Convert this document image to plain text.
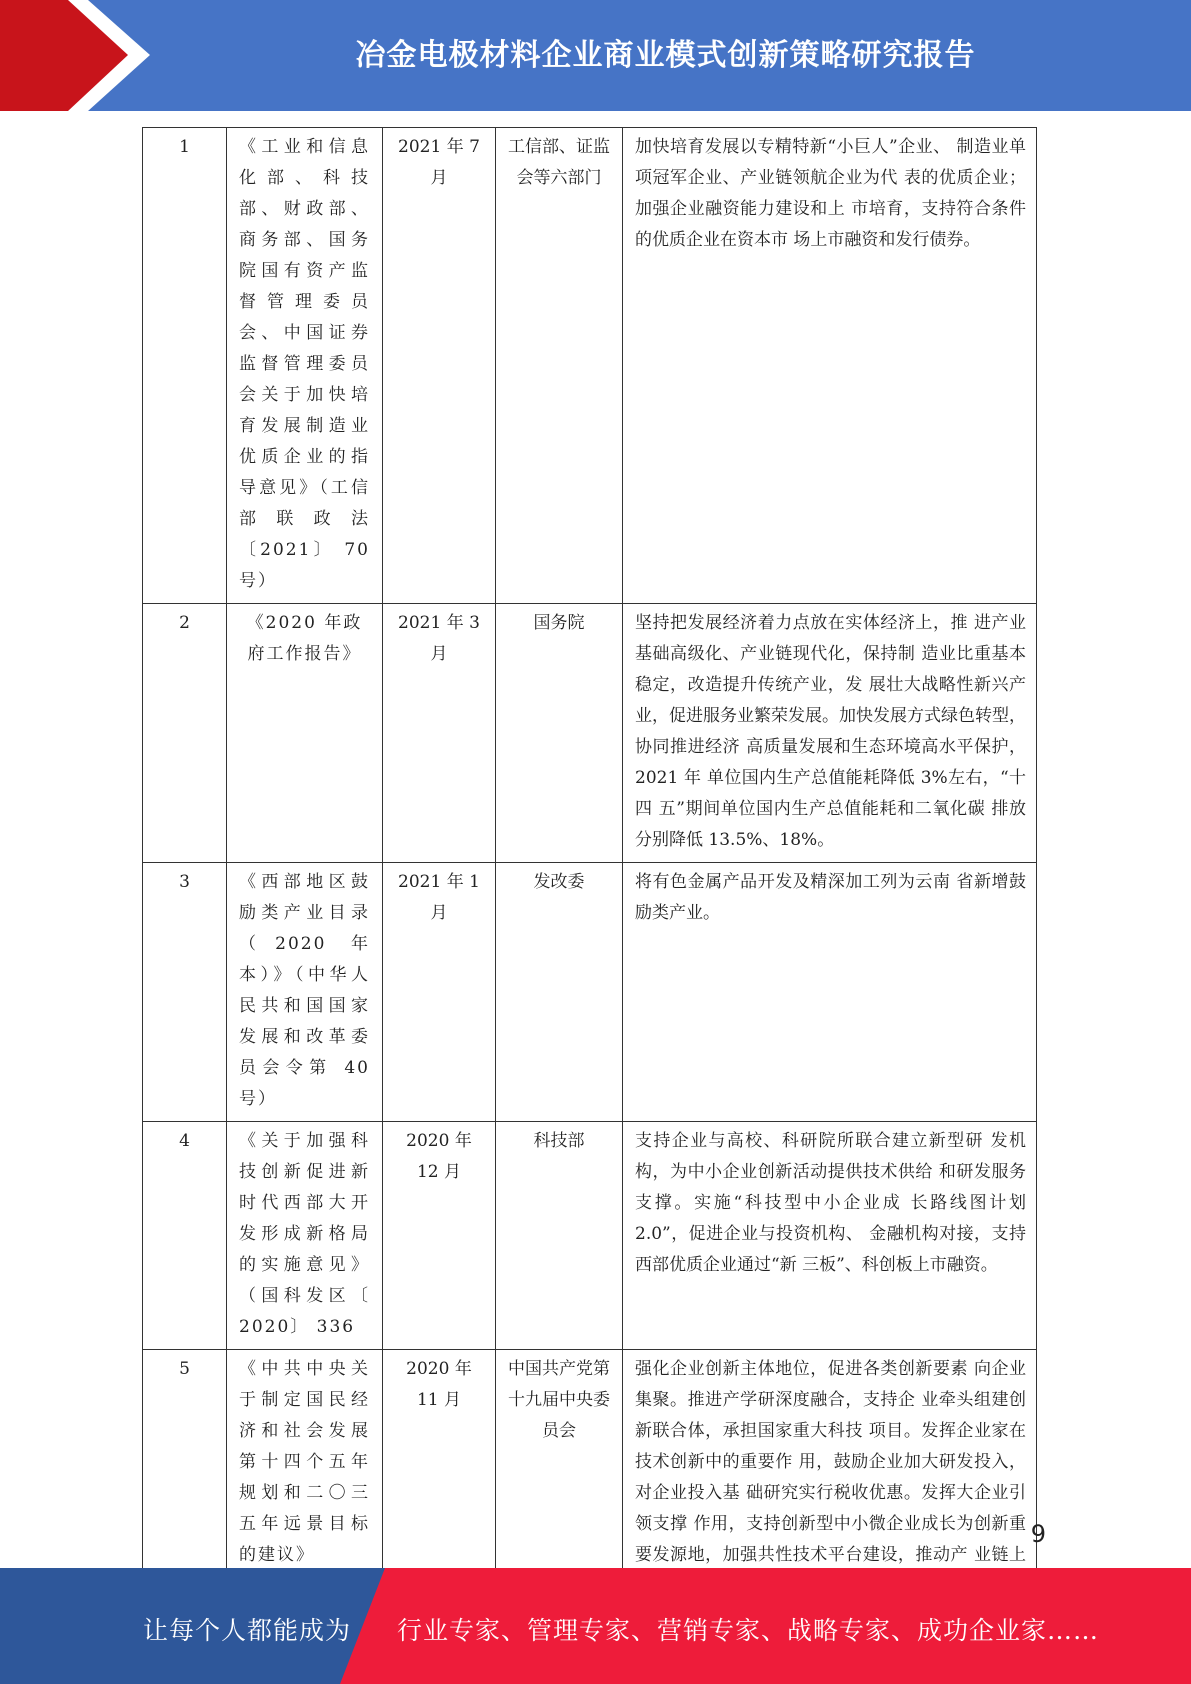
冶金电极材料企业商业模式创新策略研究报告
1	《工业和信息化部、科技部、财政部、商务部、国务院国有资产监督管理委员会、中国证券监督管理委员会关于加快培育发展制造业优质企业的指导意见》（工信部联政法〔2021〕 70 号）	2021 年 7 月	工信部、证监会等六部门	加快培育发展以专精特新“小巨人”企业、 制造业单项冠军企业、产业链领航企业为代 表的优质企业；加强企业融资能力建设和上 市培育，支持符合条件的优质企业在资本市 场上市融资和发行债券。
2	《2020 年政府工作报告》	2021 年 3 月	国务院	坚持把发展经济着力点放在实体经济上，推 进产业基础高级化、产业链现代化，保持制 造业比重基本稳定，改造提升传统产业，发 展壮大战略性新兴产业，促进服务业繁荣发展。加快发展方式绿色转型，协同推进经济 高质量发展和生态环境高水平保护，2021 年 单位国内生产总值能耗降低 3%左右，“十四 五”期间单位国内生产总值能耗和二氧化碳 排放分别降低 13.5%、18%。
3	《西部地区鼓励类产业目录（2020 年本）》（中华人民共和国国家发展和改革委员会令第 40 号）	2021 年 1 月	发改委	将有色金属产品开发及精深加工列为云南 省新增鼓励类产业。
4	《关于加强科技创新促进新时代西部大开发形成新格局的实施意见》（国科发区〔 2020〕 336	2020 年 12 月	科技部	支持企业与高校、科研院所联合建立新型研 发机构，为中小企业创新活动提供技术供给 和研发服务支撑。实施“科技型中小企业成 长路线图计划 2.0”，促进企业与投资机构、 金融机构对接，支持西部优质企业通过“新 三板”、科创板上市融资。
5	《中共中央关于制定国民经济和社会发展第十四个五年规划和二〇三五年远景目标的建议》	2020 年 11 月	中国共产党第十九届中央委员会	强化企业创新主体地位，促进各类创新要素 向企业集聚。推进产学研深度融合，支持企 业牵头组建创新联合体，承担国家重大科技 项目。发挥企业家在技术创新中的重要作 用，鼓励企业加大研发投入，对企业投入基 础研究实行税收优惠。发挥大企业引领支撑 作用，支持创新型中小微企业成长为创新重 要发源地，加强共性技术平台建设，推动产 业链上
9
让每个人都能成为 行业专家、管理专家、营销专家、战略专家、成功企业家……
